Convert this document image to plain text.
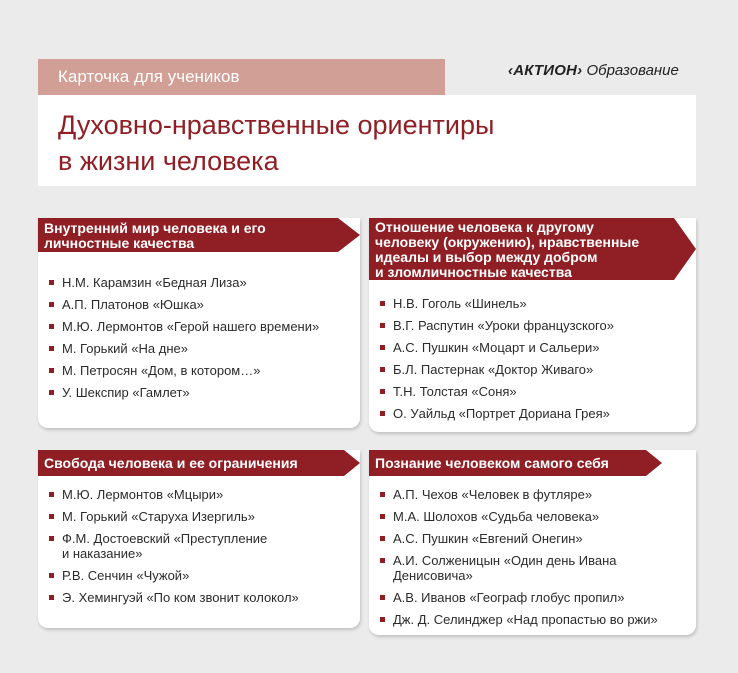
Карточка для учеников	‹АКТИОН› Образование
Духовно-нравственные ориентиры
в жизни человека
Внутренний мир человека и его
личностные качества
Н.М. Карамзин «Бедная Лиза»
А.П. Платонов «Юшка»
М.Ю. Лермонтов «Герой нашего времени»
М. Горький «На дне»
М. Петросян «Дом, в котором…»
У. Шекспир «Гамлет»
Отношение человека к другому
человеку (окружению), нравственные
идеалы и выбор между добром
и зломличностные качества
Н.В. Гоголь «Шинель»
В.Г. Распутин «Уроки французского»
А.С. Пушкин «Моцарт и Сальери»
Б.Л. Пастернак «Доктор Живаго»
Т.Н. Толстая «Соня»
О. Уайльд «Портрет Дориана Грея»
Свобода человека и ее ограничения
М.Ю. Лермонтов «Мцыри»
М. Горький «Старуха Изергиль»
Ф.М. Достоевский «Преступление
и наказание»
Р.В. Сенчин «Чужой»
Э. Хемингуэй «По ком звонит колокол»
Познание человеком самого себя
А.П. Чехов «Человек в футляре»
М.А. Шолохов «Судьба человека»
А.С. Пушкин «Евгений Онегин»
А.И. Солженицын «Один день Ивана
Денисовича»
А.В. Иванов «Географ глобус пропил»
Дж. Д. Селинджер «Над пропастью во ржи»
